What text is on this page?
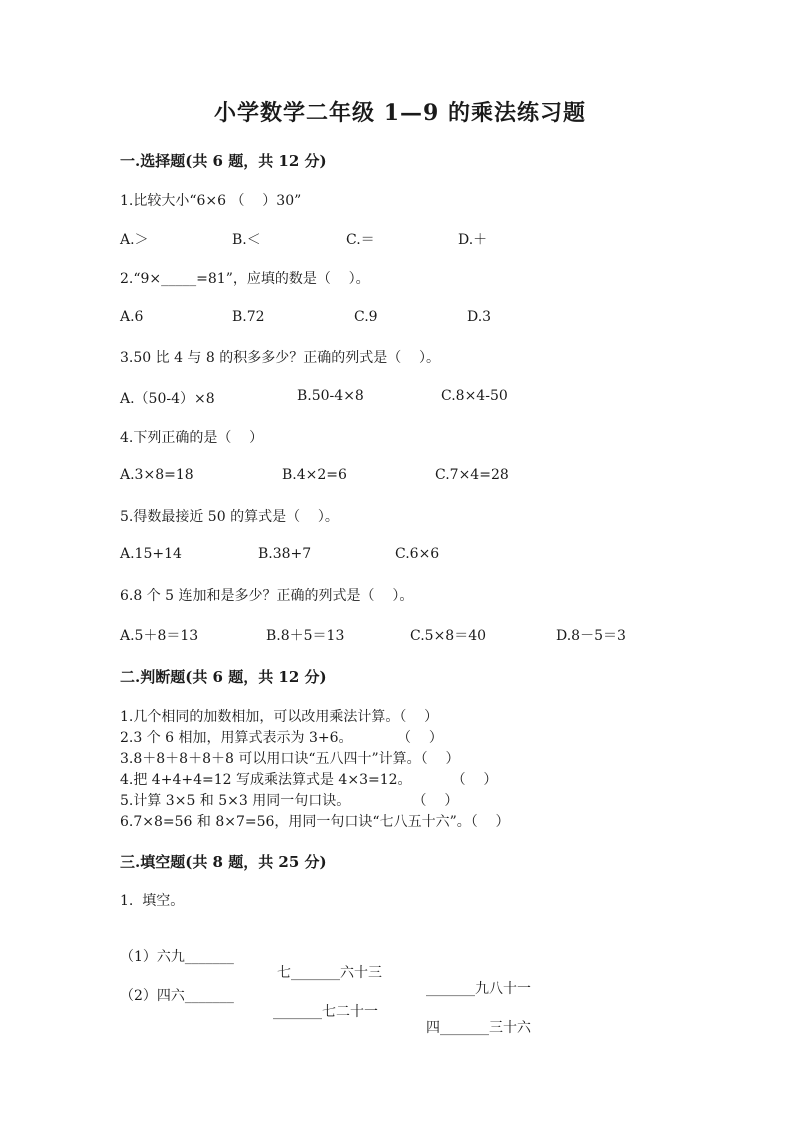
小学数学二年级 1—9 的乘法练习题
一.选择题(共 6 题，共 12 分)
1.比较大小“6×6 （    ）30”
A.＞	B.＜	C.＝	D.＋
2.“9×_____=81”，应填的数是（    ）。
A.6	B.72	C.9	D.3
3.50 比 4 与 8 的积多多少？正确的列式是（    ）。
A.（50-4）×8	B.50-4×8	C.8×4-50
4.下列正确的是（    ）
A.3×8=18	B.4×2=6	C.7×4=28
5.得数最接近 50 的算式是（    ）。
A.15+14	B.38+7	C.6×6
6.8 个 5 连加和是多少？正确的列式是（    ）。
A.5＋8＝13	B.8＋5＝13	C.5×8＝40	D.8－5＝3
二.判断题(共 6 题，共 12 分)
1.几个相同的加数相加，可以改用乘法计算。（    ）
2.3 个 6 相加，用算式表示为 3+6。          （    ）
3.8＋8＋8＋8＋8 可以用口诀“五八四十”计算。（    ）
4.把 4+4+4=12 写成乘法算式是 4×3=12。         （    ）
5.计算 3×5 和 5×3 用同一句口诀。              （    ）
6.7×8=56 和 8×7=56，用同一句口诀“七八五十六”。（    ）
三.填空题(共 8 题，共 25 分)
1.  填空。

（1）六九_______

七_______六十三

_______九八十一

（2）四六_______

_______七二十一

四_______三十六
